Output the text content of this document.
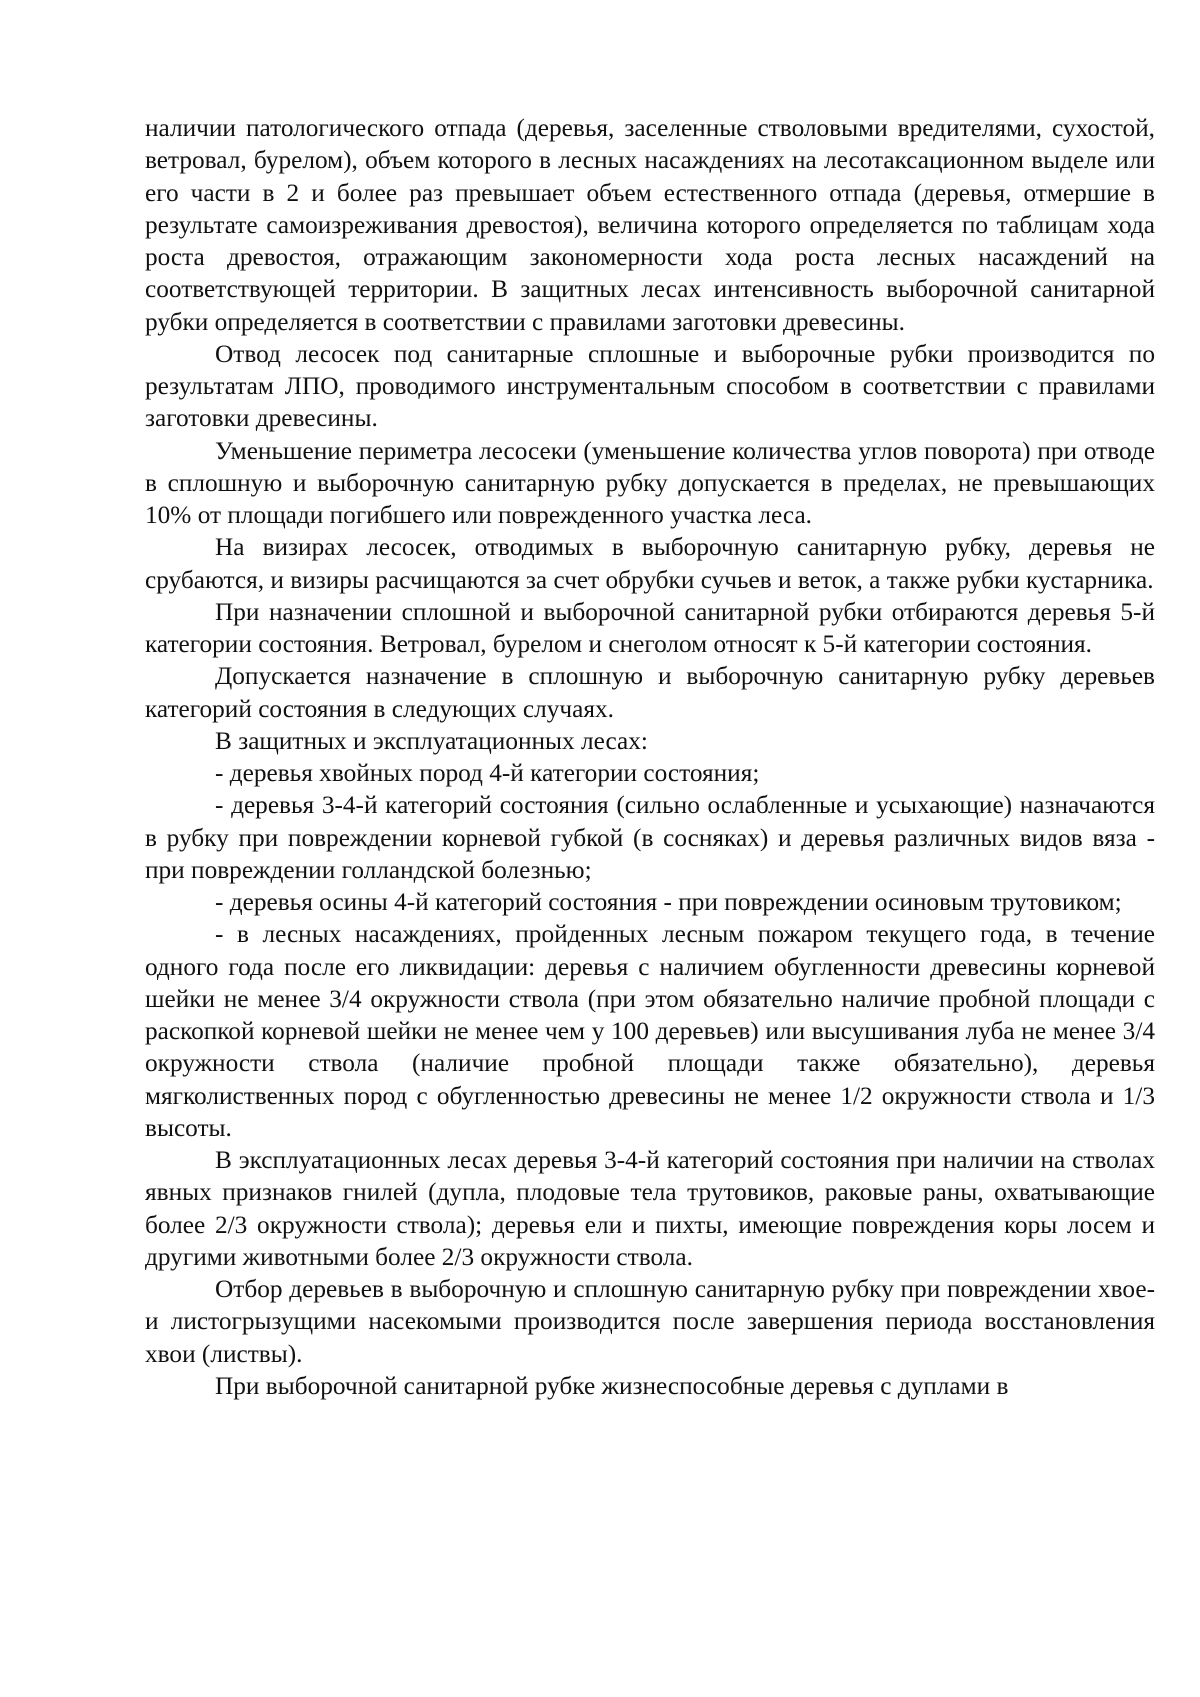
наличии патологического отпада (деревья, заселенные стволовыми вредителями, сухостой, ветровал, бурелом), объем которого в лесных насаждениях на лесотаксационном выделе или его части в 2 и более раз превышает объем естественного отпада (деревья, отмершие в результате самоизреживания древостоя), величина которого определяется по таблицам хода роста древостоя, отражающим закономерности хода роста лесных насаждений на соответствующей территории. В защитных лесах интенсивность выборочной санитарной рубки определяется в соответствии с правилами заготовки древесины.

Отвод лесосек под санитарные сплошные и выборочные рубки производится по результатам ЛПО, проводимого инструментальным способом в соответствии с правилами заготовки древесины.

Уменьшение периметра лесосеки (уменьшение количества углов поворота) при отводе в сплошную и выборочную санитарную рубку допускается в пределах, не превышающих 10% от площади погибшего или поврежденного участка леса.

На визирах лесосек, отводимых в выборочную санитарную рубку, деревья не срубаются, и визиры расчищаются за счет обрубки сучьев и веток, а также рубки кустарника.

При назначении сплошной и выборочной санитарной рубки отбираются деревья 5-й категории состояния. Ветровал, бурелом и снеголом относят к 5-й категории состояния.

Допускается назначение в сплошную и выборочную санитарную рубку деревьев категорий состояния в следующих случаях.

В защитных и эксплуатационных лесах:

- деревья хвойных пород 4-й категории состояния;

- деревья 3-4-й категорий состояния (сильно ослабленные и усыхающие) назначаются в рубку при повреждении корневой губкой (в сосняках) и деревья различных видов вяза - при повреждении голландской болезнью;

- деревья осины 4-й категорий состояния - при повреждении осиновым трутовиком;

- в лесных насаждениях, пройденных лесным пожаром текущего года, в течение одного года после его ликвидации: деревья с наличием обугленности древесины корневой шейки не менее 3/4 окружности ствола (при этом обязательно наличие пробной площади с раскопкой корневой шейки не менее чем у 100 деревьев) или высушивания луба не менее 3/4 окружности ствола (наличие пробной площади также обязательно), деревья мягколиственных пород с обугленностью древесины не менее 1/2 окружности ствола и 1/3 высоты.

В эксплуатационных лесах деревья 3-4-й категорий состояния при наличии на стволах явных признаков гнилей (дупла, плодовые тела трутовиков, раковые раны, охватывающие более 2/3 окружности ствола); деревья ели и пихты, имеющие повреждения коры лосем и другими животными более 2/3 окружности ствола.

Отбор деревьев в выборочную и сплошную санитарную рубку при повреждении хвое- и листогрызущими насекомыми производится после завершения периода восстановления хвои (листвы).

При выборочной санитарной рубке жизнеспособные деревья с дуплами в
